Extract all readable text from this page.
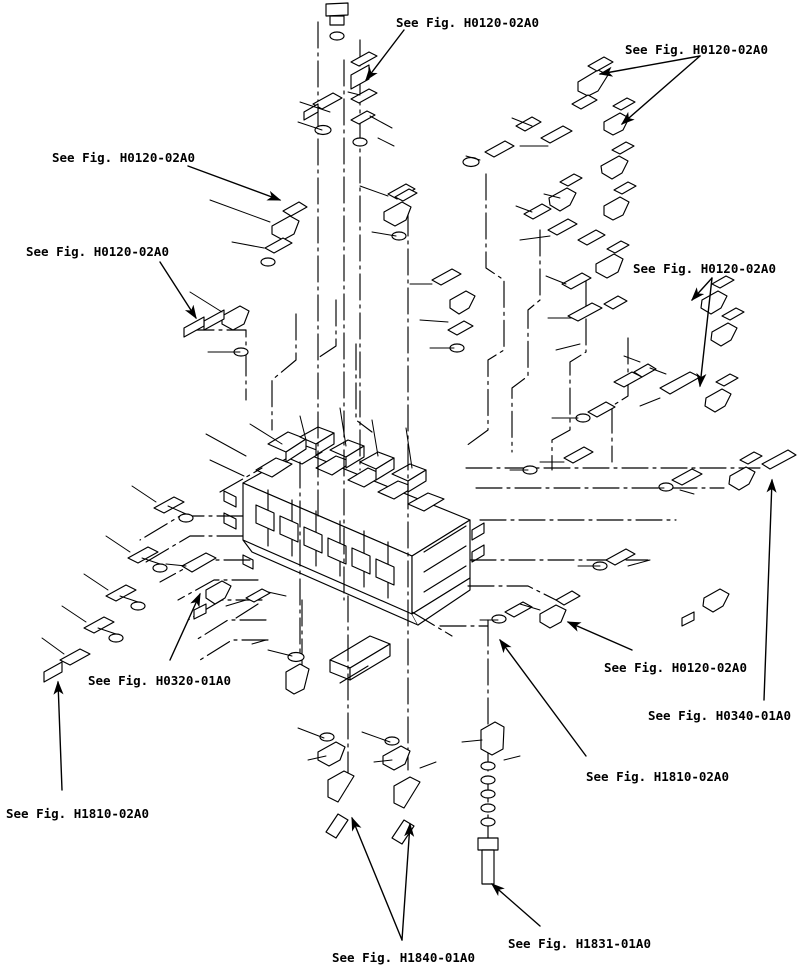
See Fig. H0120-02A0
See Fig. H0120-02A0
See Fig. H0120-02A0
See Fig. H0120-02A0
See Fig. H0120-02A0
See Fig. H0320-01A0
See Fig. H1810-02A0
See Fig. H0120-02A0
See Fig. H0340-01A0
See Fig. H1810-02A0
See Fig. H1840-01A0
See Fig. H1831-01A0
